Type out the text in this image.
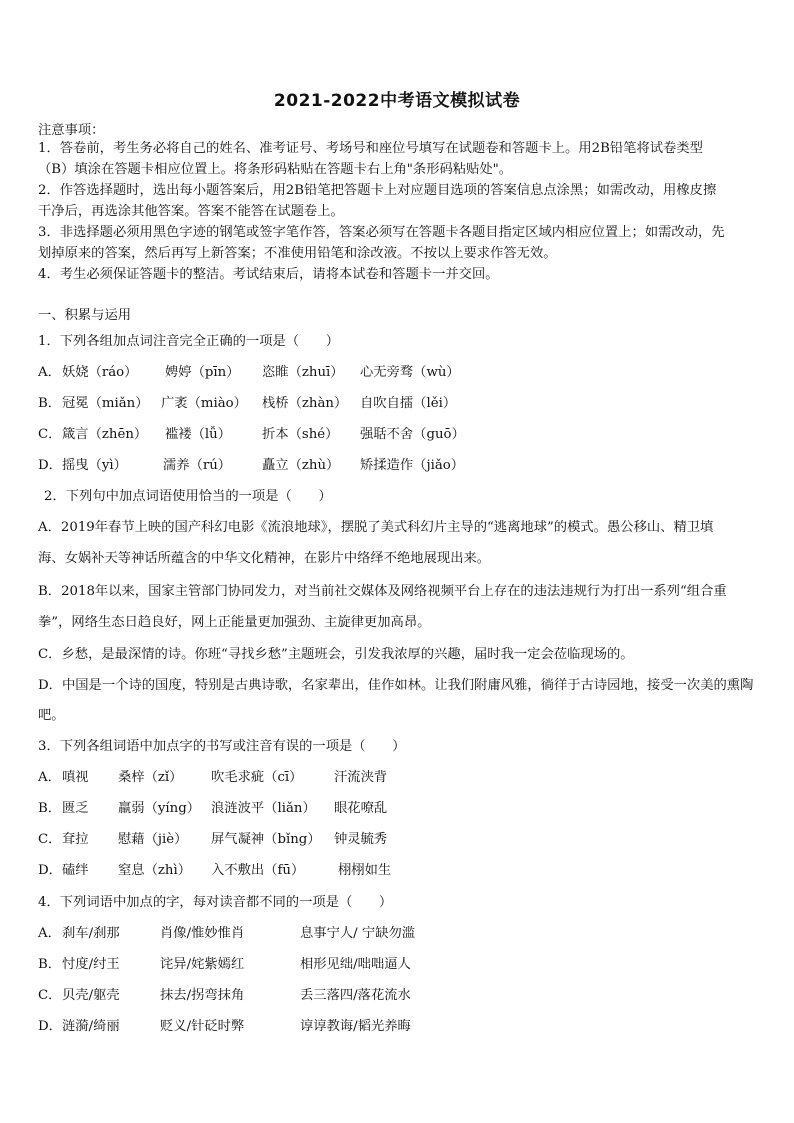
2021-2022中考语文模拟试卷
注意事项：
1．答卷前，考生务必将自己的姓名、准考证号、考场号和座位号填写在试题卷和答题卡上。用2B铅笔将试卷类型
（B）填涂在答题卡相应位置上。将条形码粘贴在答题卡右上角"条形码粘贴处"。
2．作答选择题时，选出每小题答案后，用2B铅笔把答题卡上对应题目选项的答案信息点涂黑；如需改动，用橡皮擦
干净后，再选涂其他答案。答案不能答在试题卷上。
3．非选择题必须用黑色字迹的钢笔或签字笔作答，答案必须写在答题卡各题目指定区域内相应位置上；如需改动，先
划掉原来的答案，然后再写上新答案；不准使用铅笔和涂改液。不按以上要求作答无效。
4．考生必须保证答题卡的整洁。考试结束后，请将本试卷和答题卡一并交回。
一、积累与运用
1．下列各组加点词注音完全正确的一项是（　　）
A． 妖娆（ráo） 娉婷（pīn） 恣睢（zhuī） 心无旁骛（wù）
B． 冠冕（miǎn） 广袤（miào） 栈桥（zhàn） 自吹自擂（lěi）
C． 箴言（zhēn） 褴褛（lǚ） 折本（shé） 强聒不舍（guō）
D． 摇曳（yì）	濡养（rú） 矗立（zhù） 矫揉造作（jiǎo）
2．下列句中加点词语使用恰当的一项是（　　）
A．2019年春节上映的国产科幻电影《流浪地球》，摆脱了美式科幻片主导的“逃离地球”的模式。愚公移山、精卫填
海、女娲补天等神话所蕴含的中华文化精神，在影片中络绎不绝地展现出来。
B．2018年以来，国家主管部门协同发力，对当前社交媒体及网络视频平台上存在的违法违规行为打出一系列“组合重
拳”，网络生态日趋良好，网上正能量更加强劲、主旋律更加高昂。
C．乡愁，是最深情的诗。你班“寻找乡愁”主题班会，引发我浓厚的兴趣，届时我一定会莅临现场的。
D．中国是一个诗的国度，特别是古典诗歌，名家辈出，佳作如林。让我们附庸风雅，徜徉于古诗园地，接受一次美的熏陶
吧。
3．下列各组词语中加点字的书写或注音有误的一项是（　　）
A． 嗔视 桑梓（zǐ） 吹毛求疵（cī） 汗流浃背
B． 匮乏 羸弱（yíng） 浪涟波平（liǎn） 眼花嘹乱
C． 耷拉 慰藉（jiè） 屏气凝神（bǐng） 钟灵毓秀
D． 磕绊 窒息（zhì） 入不敷出（fū）	栩栩如生
4．下列词语中加点的字，每对读音都不同的一项是（　　）
A． 刹车/刹那	肖像/惟妙惟肖	息事宁人/ 宁缺勿滥
B． 忖度/纣王	诧异/姹紫嫣红	相形见绌/咄咄逼人
C． 贝壳/躯壳	抹去/拐弯抹角	丢三落四/落花流水
D． 涟漪/绮丽	贬义/针砭时弊	谆谆教诲/韬光养晦
